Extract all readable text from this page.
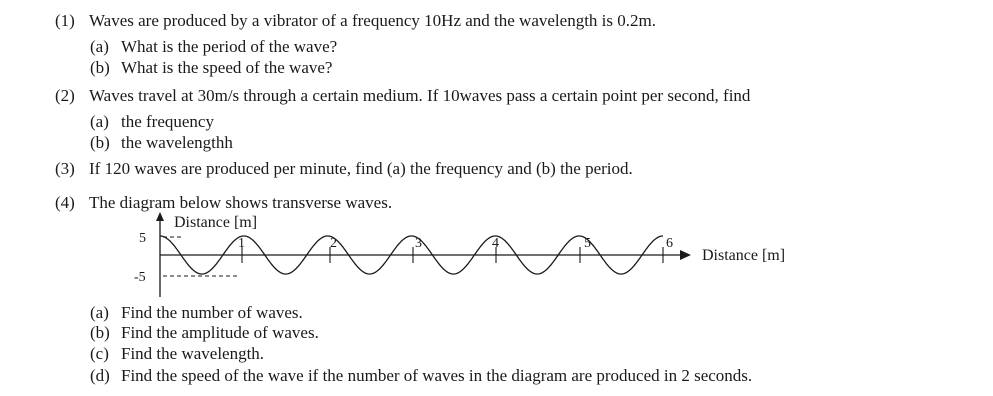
(1) Waves are produced by a vibrator of a frequency 10Hz and the wavelength is 0.2m.
(a) What is the period of the wave?
(b) What is the speed of the wave?
(2) Waves travel at 30m/s through a certain medium. If 10waves pass a certain point per second, find
(a) the frequency
(b) the wavelengthh
(3) If 120 waves are produced per minute, find (a) the frequency and (b) the period.
(4) The diagram below shows transverse waves.
Distance [m]
Distance [m]
5
-5
1	2	3	4	5	6
(a) Find the number of waves.
(b) Find the amplitude of waves.
(c) Find the wavelength.
(d) Find the speed of the wave if the number of waves in the diagram are produced in 2 seconds.
